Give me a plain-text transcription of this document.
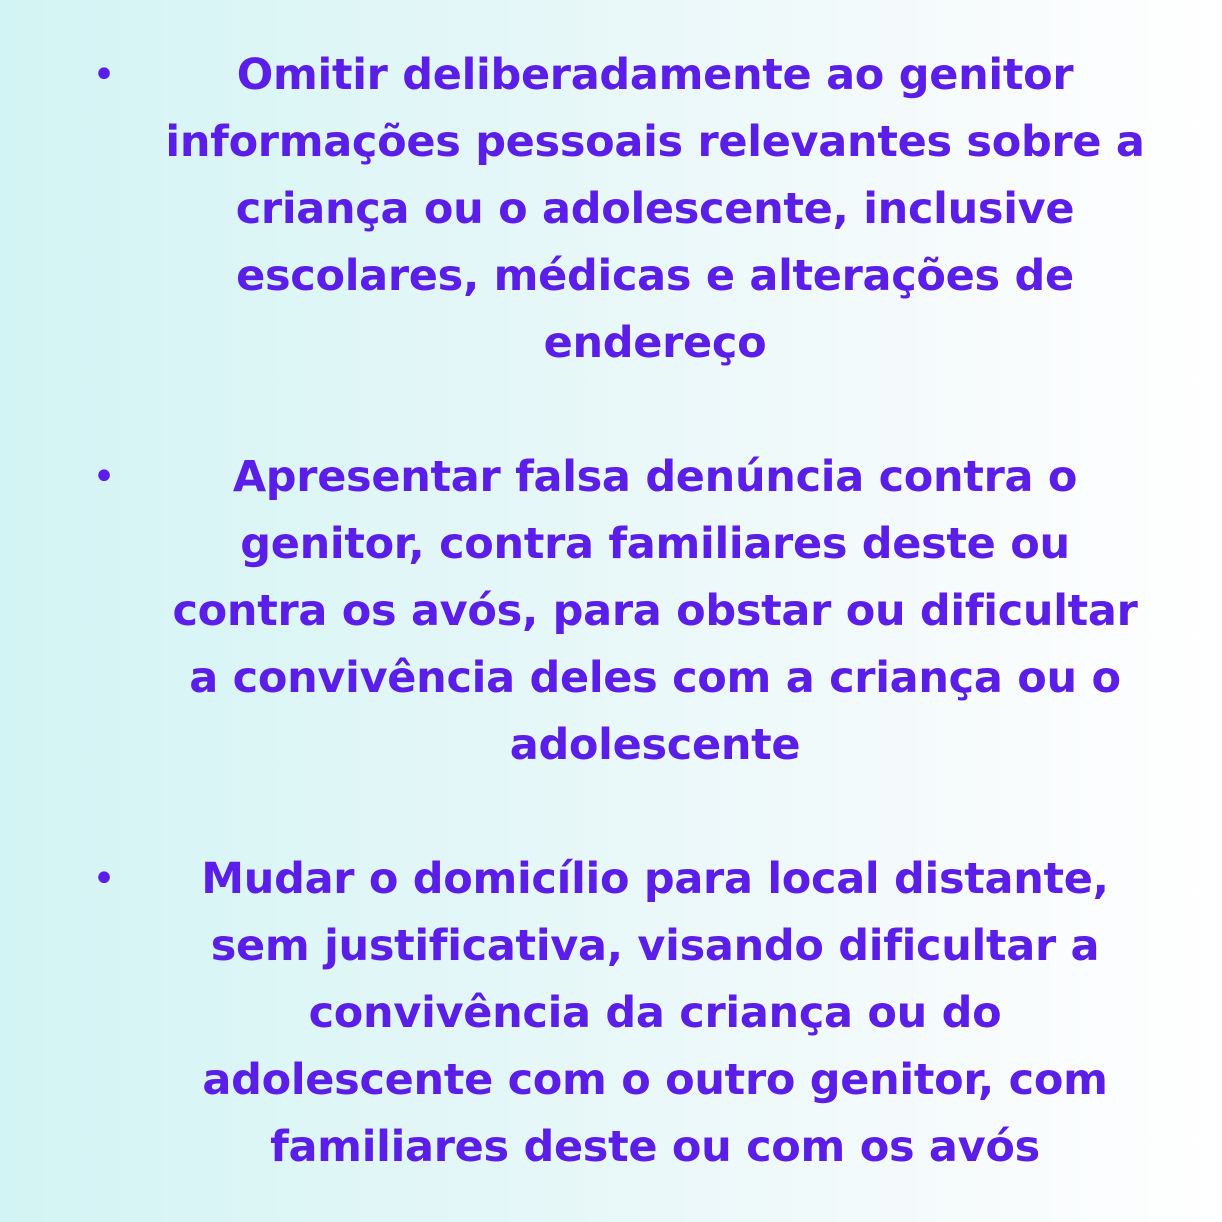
•	Omitir deliberadamente ao genitor
informações pessoais relevantes sobre a
criança ou o adolescente, inclusive
escolares, médicas e alterações de
endereço
•	Apresentar falsa denúncia contra o
genitor, contra familiares deste ou
contra os avós, para obstar ou dificultar
a convivência deles com a criança ou o
adolescente
•	Mudar o domicílio para local distante,
sem justificativa, visando dificultar a
convivência da criança ou do
adolescente com o outro genitor, com
familiares deste ou com os avós
